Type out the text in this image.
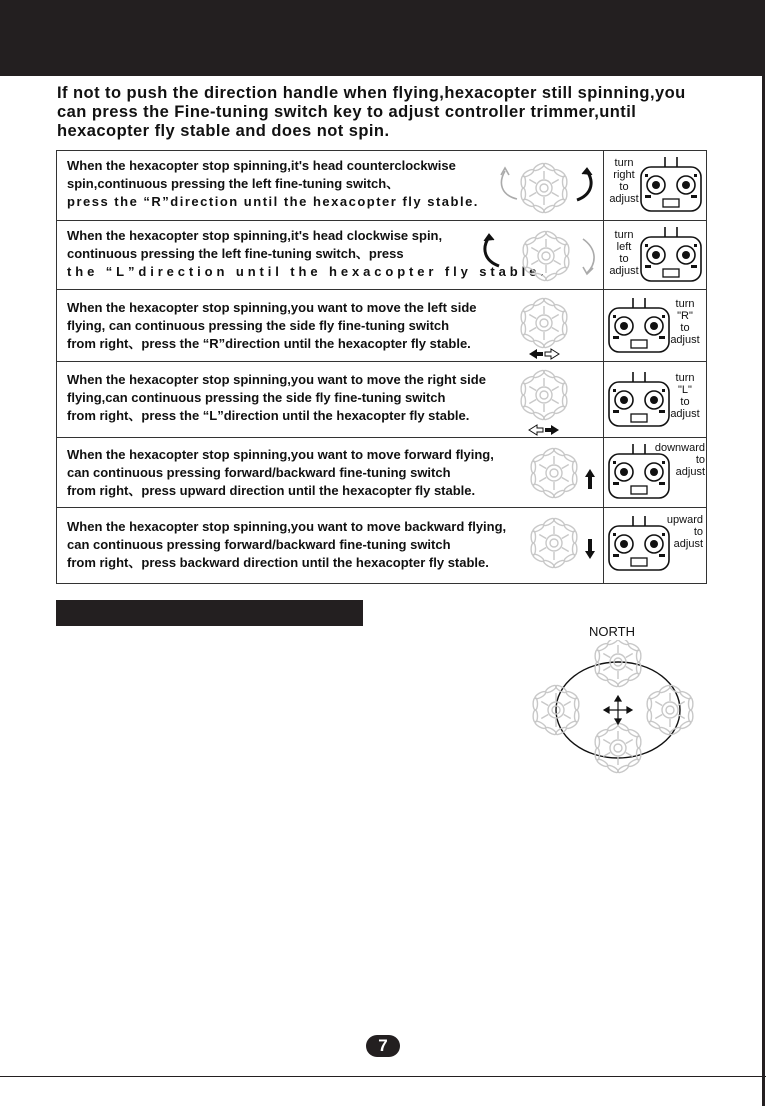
If not to push the direction handle when flying,hexacopter still spinning,you
can press the Fine-tuning switch key to adjust controller trimmer,until
hexacopter fly stable and does not spin.

When the hexacopter stop spinning,it's head counterclockwise
spin,continuous pressing the left fine-tuning switch、
press the “R”direction until the hexacopter fly stable.

turn
right
to
adjust

When the hexacopter stop spinning,it's head clockwise spin,
continuous pressing the left fine-tuning switch、press
the “L”direction until the hexacopter fly stable.

turn
left
to
adjust

When the hexacopter stop spinning,you want to move the left side
flying, can continuous pressing the side fly fine-tuning switch
from right、press the “R”direction until the hexacopter fly stable.

turn
"R"
to
adjust

When the hexacopter stop spinning,you want to move the right side
flying,can continuous pressing the side fly fine-tuning switch
from right、press the “L”direction until the hexacopter fly stable.

turn
"L"
to
adjust

When the hexacopter stop spinning,you want to move forward flying,
can continuous pressing forward/backward fine-tuning switch
from right、press upward direction until the hexacopter fly stable.

downward
to
adjust

When the hexacopter stop spinning,you want to move backward flying,
can continuous pressing forward/backward fine-tuning switch
from right、press backward direction until the hexacopter fly stable.

upward
to
adjust
NORTH
7
